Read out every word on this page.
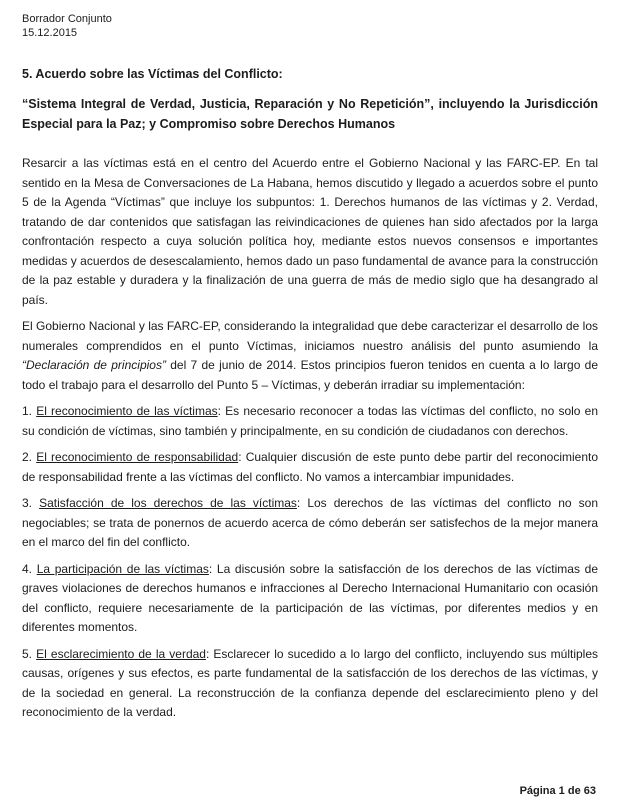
Borrador Conjunto
15.12.2015
5. Acuerdo sobre las Víctimas del Conflicto:
“Sistema Integral de Verdad, Justicia, Reparación y No Repetición”, incluyendo la Jurisdicción Especial para la Paz; y Compromiso sobre Derechos Humanos

Resarcir a las víctimas está en el centro del Acuerdo entre el Gobierno Nacional y las FARC-EP. En tal sentido en la Mesa de Conversaciones de La Habana, hemos discutido y llegado a acuerdos sobre el punto 5 de la Agenda “Víctimas” que incluye los subpuntos: 1. Derechos humanos de las víctimas y 2. Verdad, tratando de dar contenidos que satisfagan las reivindicaciones de quienes han sido afectados por la larga confrontación respecto a cuya solución política hoy, mediante estos nuevos consensos e importantes medidas y acuerdos de desescalamiento, hemos dado un paso fundamental de avance para la construcción de la paz estable y duradera y la finalización de una guerra de más de medio siglo que ha desangrado al país.

El Gobierno Nacional y las FARC-EP, considerando la integralidad que debe caracterizar el desarrollo de los numerales comprendidos en el punto Víctimas, iniciamos nuestro análisis del punto asumiendo la “Declaración de principios” del 7 de junio de 2014. Estos principios fueron tenidos en cuenta a lo largo de todo el trabajo para el desarrollo del Punto 5 – Víctimas, y deberán irradiar su implementación:

1. El reconocimiento de las víctimas: Es necesario reconocer a todas las víctimas del conflicto, no solo en su condición de víctimas, sino también y principalmente, en su condición de ciudadanos con derechos.

2. El reconocimiento de responsabilidad: Cualquier discusión de este punto debe partir del reconocimiento de responsabilidad frente a las víctimas del conflicto. No vamos a intercambiar impunidades.

3. Satisfacción de los derechos de las víctimas: Los derechos de las víctimas del conflicto no son negociables; se trata de ponernos de acuerdo acerca de cómo deberán ser satisfechos de la mejor manera en el marco del fin del conflicto.

4. La participación de las víctimas: La discusión sobre la satisfacción de los derechos de las víctimas de graves violaciones de derechos humanos e infracciones al Derecho Internacional Humanitario con ocasión del conflicto, requiere necesariamente de la participación de las víctimas, por diferentes medios y en diferentes momentos.

5. El esclarecimiento de la verdad: Esclarecer lo sucedido a lo largo del conflicto, incluyendo sus múltiples causas, orígenes y sus efectos, es parte fundamental de la satisfacción de los derechos de las víctimas, y de la sociedad en general. La reconstrucción de la confianza depende del esclarecimiento pleno y del reconocimiento de la verdad.

Página 1 de 63
